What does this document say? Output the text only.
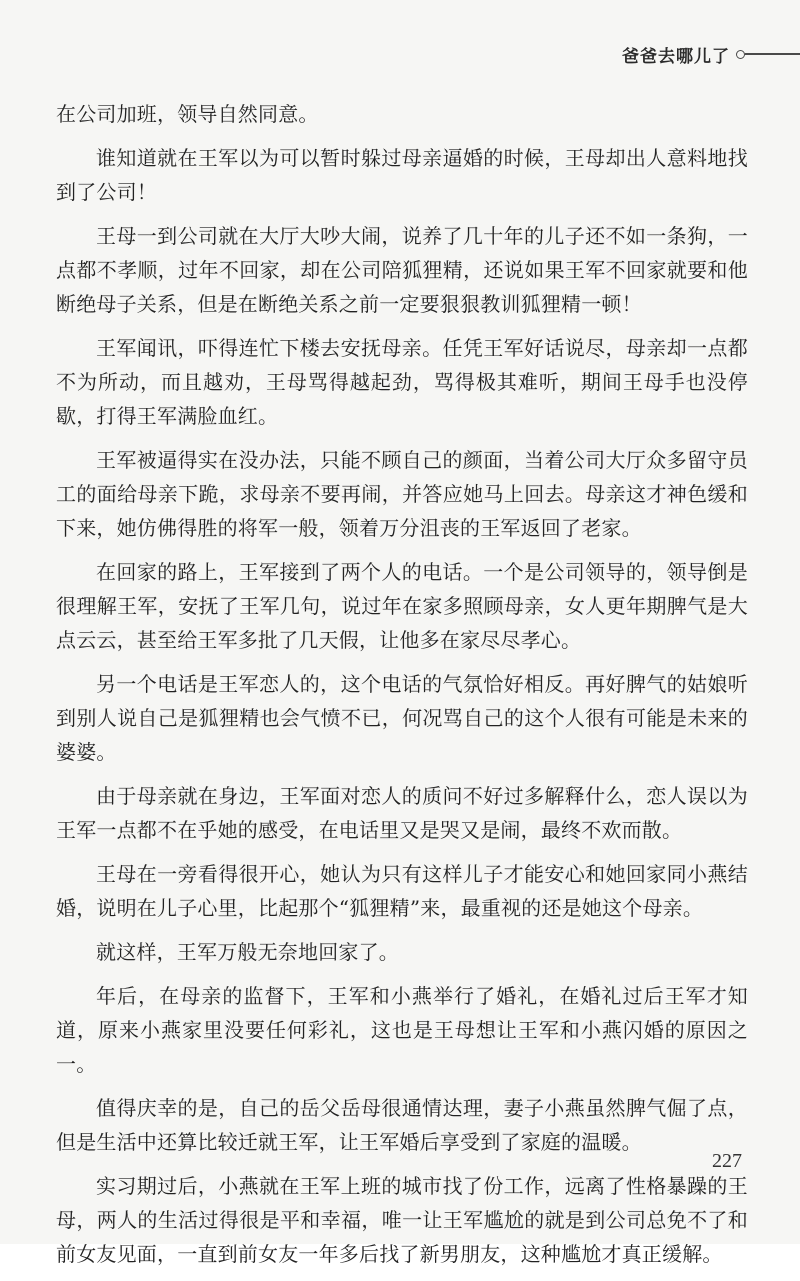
爸爸去哪儿了

在公司加班，领导自然同意。

谁知道就在王军以为可以暂时躲过母亲逼婚的时候，王母却出人意料地找到了公司！

王母一到公司就在大厅大吵大闹，说养了几十年的儿子还不如一条狗，一点都不孝顺，过年不回家，却在公司陪狐狸精，还说如果王军不回家就要和他断绝母子关系，但是在断绝关系之前一定要狠狠教训狐狸精一顿！

王军闻讯，吓得连忙下楼去安抚母亲。任凭王军好话说尽，母亲却一点都不为所动，而且越劝，王母骂得越起劲，骂得极其难听，期间王母手也没停歇，打得王军满脸血红。

王军被逼得实在没办法，只能不顾自己的颜面，当着公司大厅众多留守员工的面给母亲下跪，求母亲不要再闹，并答应她马上回去。母亲这才神色缓和下来，她仿佛得胜的将军一般，领着万分沮丧的王军返回了老家。

在回家的路上，王军接到了两个人的电话。一个是公司领导的，领导倒是很理解王军，安抚了王军几句，说过年在家多照顾母亲，女人更年期脾气是大点云云，甚至给王军多批了几天假，让他多在家尽尽孝心。

另一个电话是王军恋人的，这个电话的气氛恰好相反。再好脾气的姑娘听到别人说自己是狐狸精也会气愤不已，何况骂自己的这个人很有可能是未来的婆婆。

由于母亲就在身边，王军面对恋人的质问不好过多解释什么，恋人误以为王军一点都不在乎她的感受，在电话里又是哭又是闹，最终不欢而散。

王母在一旁看得很开心，她认为只有这样儿子才能安心和她回家同小燕结婚，说明在儿子心里，比起那个“狐狸精”来，最重视的还是她这个母亲。

就这样，王军万般无奈地回家了。

年后，在母亲的监督下，王军和小燕举行了婚礼，在婚礼过后王军才知道，原来小燕家里没要任何彩礼，这也是王母想让王军和小燕闪婚的原因之一。

值得庆幸的是，自己的岳父岳母很通情达理，妻子小燕虽然脾气倔了点，但是生活中还算比较迁就王军，让王军婚后享受到了家庭的温暖。

实习期过后，小燕就在王军上班的城市找了份工作，远离了性格暴躁的王母，两人的生活过得很是平和幸福，唯一让王军尴尬的就是到公司总免不了和前女友见面，一直到前女友一年多后找了新男朋友，这种尴尬才真正缓解。

227
